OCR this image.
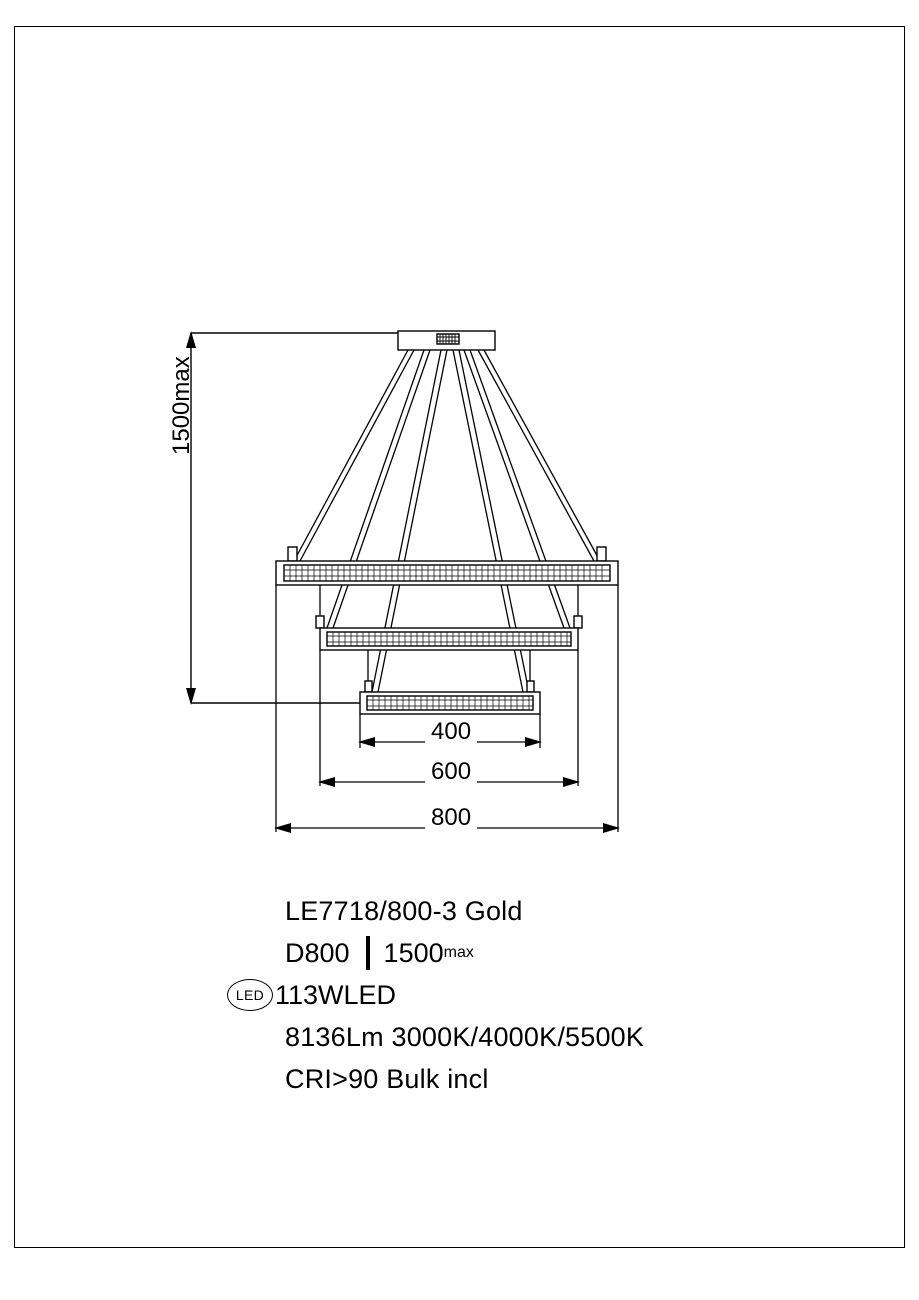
1500max
400
600
800
LE7718/800-3 Gold
D800 1500 max
LED 113WLED
8136Lm 3000K/4000K/5500K
CRI>90 Bulk incl
